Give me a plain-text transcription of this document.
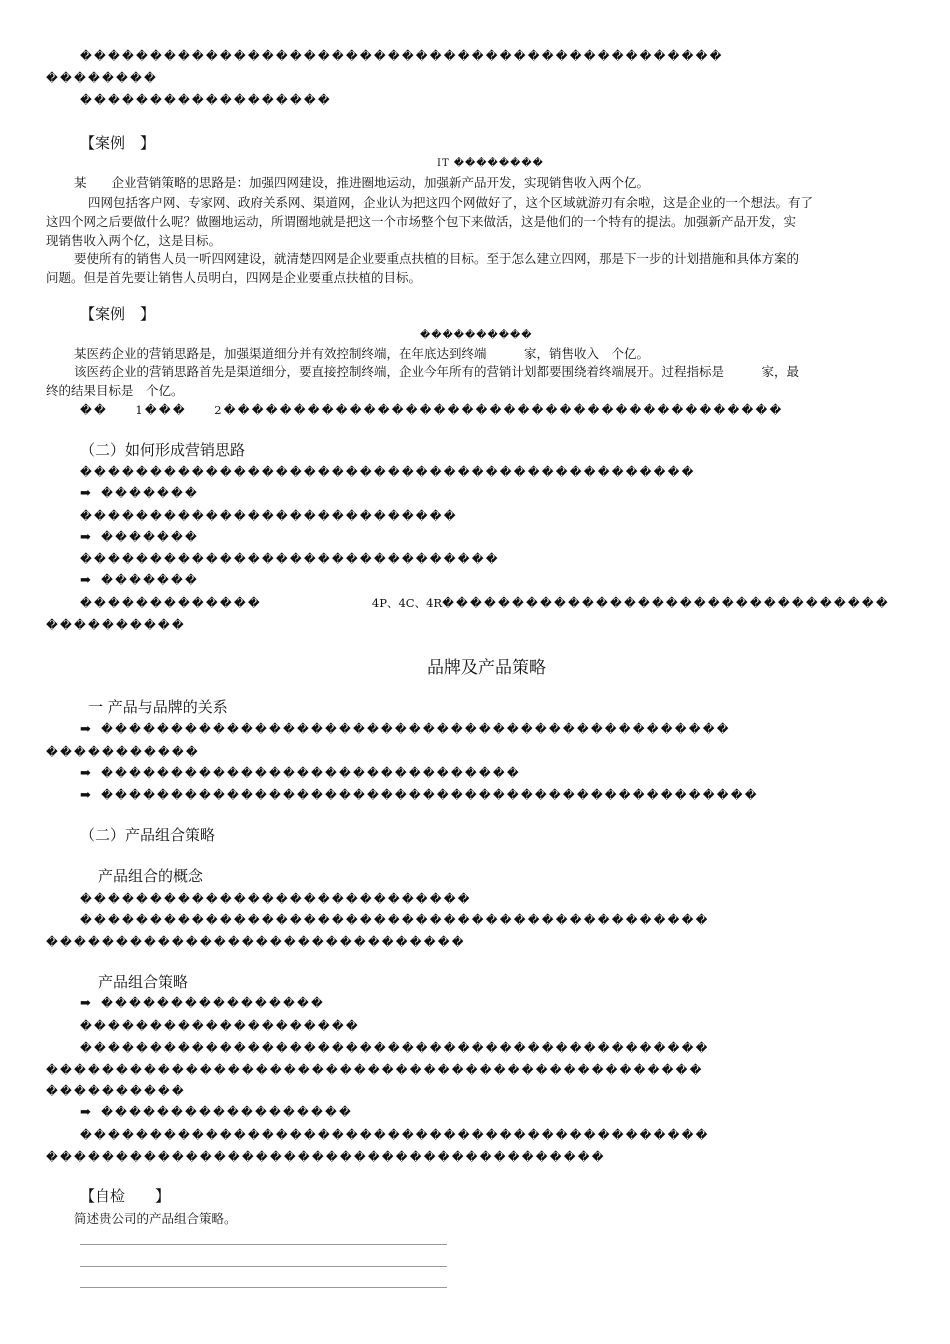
����������������������������������������������
��������
������������������
【案例　】
　IT ��������
某　　企业营销策略的思路是：加强四网建设，推进圈地运动，加强新产品开发，实现销售收入两个亿。
四网包括客户网、专家网、政府关系网、渠道网，企业认为把这四个网做好了，这个区域就游刃有余啦，这是企业的一个想法。有了
这四个网之后要做什么呢？做圈地运动，所谓圈地就是把这一个市场整个包下来做活，这是他们的一个特有的提法。加强新产品开发，实
现销售收入两个亿，这是目标。
要使所有的销售人员一听四网建设，就清楚四网是企业要重点扶植的目标。至于怎么建立四网，那是下一步的计划措施和具体方案的
问题。但是首先要让销售人员明白，四网是企业要重点扶植的目标。
【案例　】
����������
某医药企业的营销思路是，加强渠道细分并有效控制终端，在年底达到终端　　　家，销售收入　个亿。
该医药企业的营销思路首先是渠道细分，要直接控制终端，企业今年所有的营销计划都要围绕着终端展开。过程指标是　　　家，最
终的结果目标是　个亿。
��　　1���　　2����������������������������������������
（二）如何形成营销思路
��������������������������������������������
➡ �������
���������������������������
➡ �������
������������������������������
➡ �������
�������������	4P、4C、4R��������������������������������
����������
品牌及产品策略
一 产品与品牌的关系
➡ ���������������������������������������������
�����������
➡ ������������������������������
➡ �����������������������������������������������
（二）产品组合策略
产品组合的概念
����������������������������
���������������������������������������������
������������������������������
产品组合策略
➡ ����������������
��������������������
���������������������������������������������
�����������������������������������������������
����������
➡ ������������������
���������������������������������������������
����������������������������������������
【自检　　】
简述贵公司的产品组合策略。
